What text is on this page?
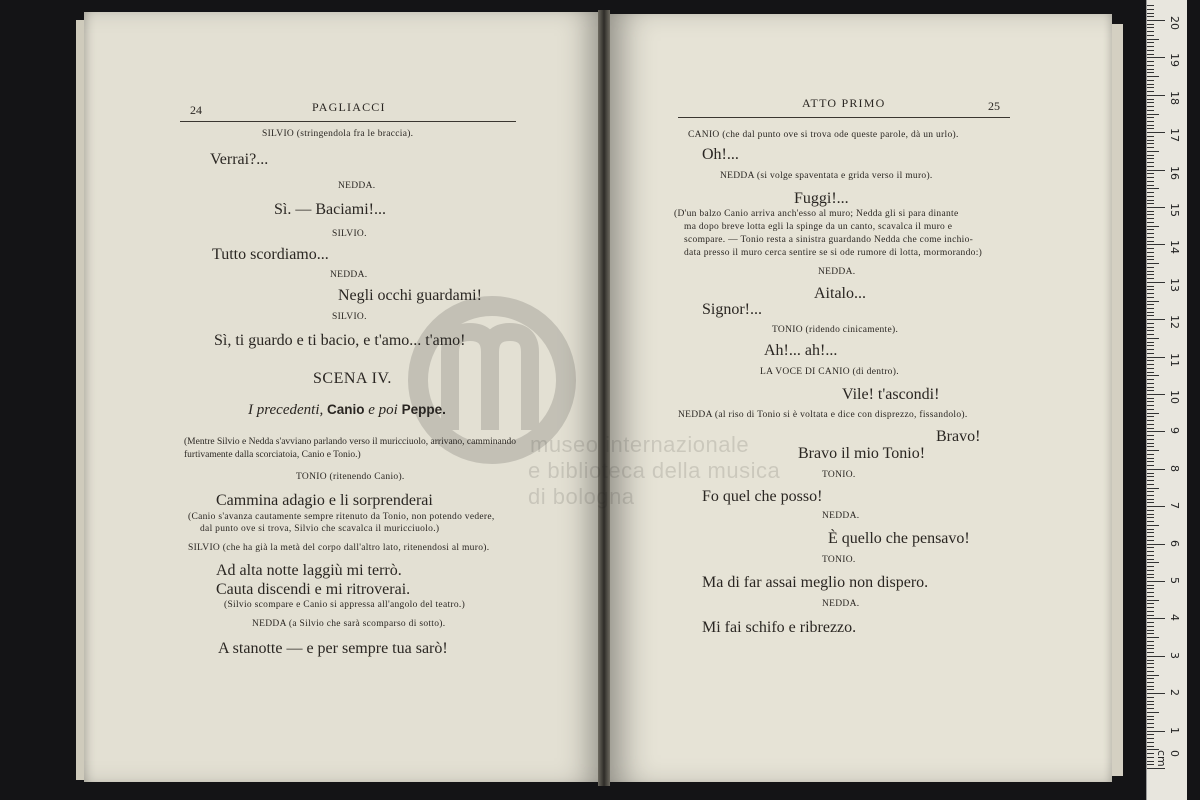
24	PAGLIACCI
SILVIO (stringendola fra le braccia).
Verrai?...
NEDDA.
Sì. — Baciami!...
SILVIO.
Tutto scordiamo...
NEDDA.
Negli occhi guardami!
SILVIO.
Sì, ti guardo e ti bacio, e t'amo... t'amo!
SCENA IV.
I precedenti, Canio e poi Peppe.
(Mentre Silvio e Nedda s'avviano parlando verso il muricciuolo, arrivano, camminando furtivamente dalla scorciatoia, Canio e Tonio.)
TONIO (ritenendo Canio).
Cammina adagio e li sorprenderai
(Canio s'avanza cautamente sempre ritenuto da Tonio, non potendo vedere,
dal punto ove si trova, Silvio che scavalca il muricciuolo.)
SILVIO (che ha già la metà del corpo dall'altro lato, ritenendosi al muro).
Ad alta notte laggiù mi terrò.
Cauta discendi e mi ritroverai.
(Silvio scompare e Canio si appressa all'angolo del teatro.)
NEDDA (a Silvio che sarà scomparso di sotto).
A stanotte — e per sempre tua sarò!
ATTO PRIMO	25
CANIO (che dal punto ove si trova ode queste parole, dà un urlo).
Oh!...
NEDDA (si volge spaventata e grida verso il muro).
Fuggi!...
(D'un balzo Canio arriva anch'esso al muro; Nedda gli si para dinante
ma dopo breve lotta egli la spinge da un canto, scavalca il muro e
scompare. — Tonio resta a sinistra guardando Nedda che come inchio-
data presso il muro cerca sentire se si ode rumore di lotta, mormorando:)
NEDDA.
Aitalo...
Signor!...
TONIO (ridendo cinicamente).
Ah!... ah!...
LA VOCE DI CANIO (di dentro).
Vile! t'ascondi!
NEDDA (al riso di Tonio si è voltata e dice con disprezzo, fissandolo).
Bravo!
Bravo il mio Tonio!
TONIO.
Fo quel che posso!
NEDDA.
È quello che pensavo!
TONIO.
Ma di far assai meglio non dispero.
NEDDA.
Mi fai schifo e ribrezzo.
museo internazionale
e biblioteca della musica
di bologna
0 cm
1
2
3
4
5
6
7
8
9
10
11
12
13
14
15
16
17
18
19
20
